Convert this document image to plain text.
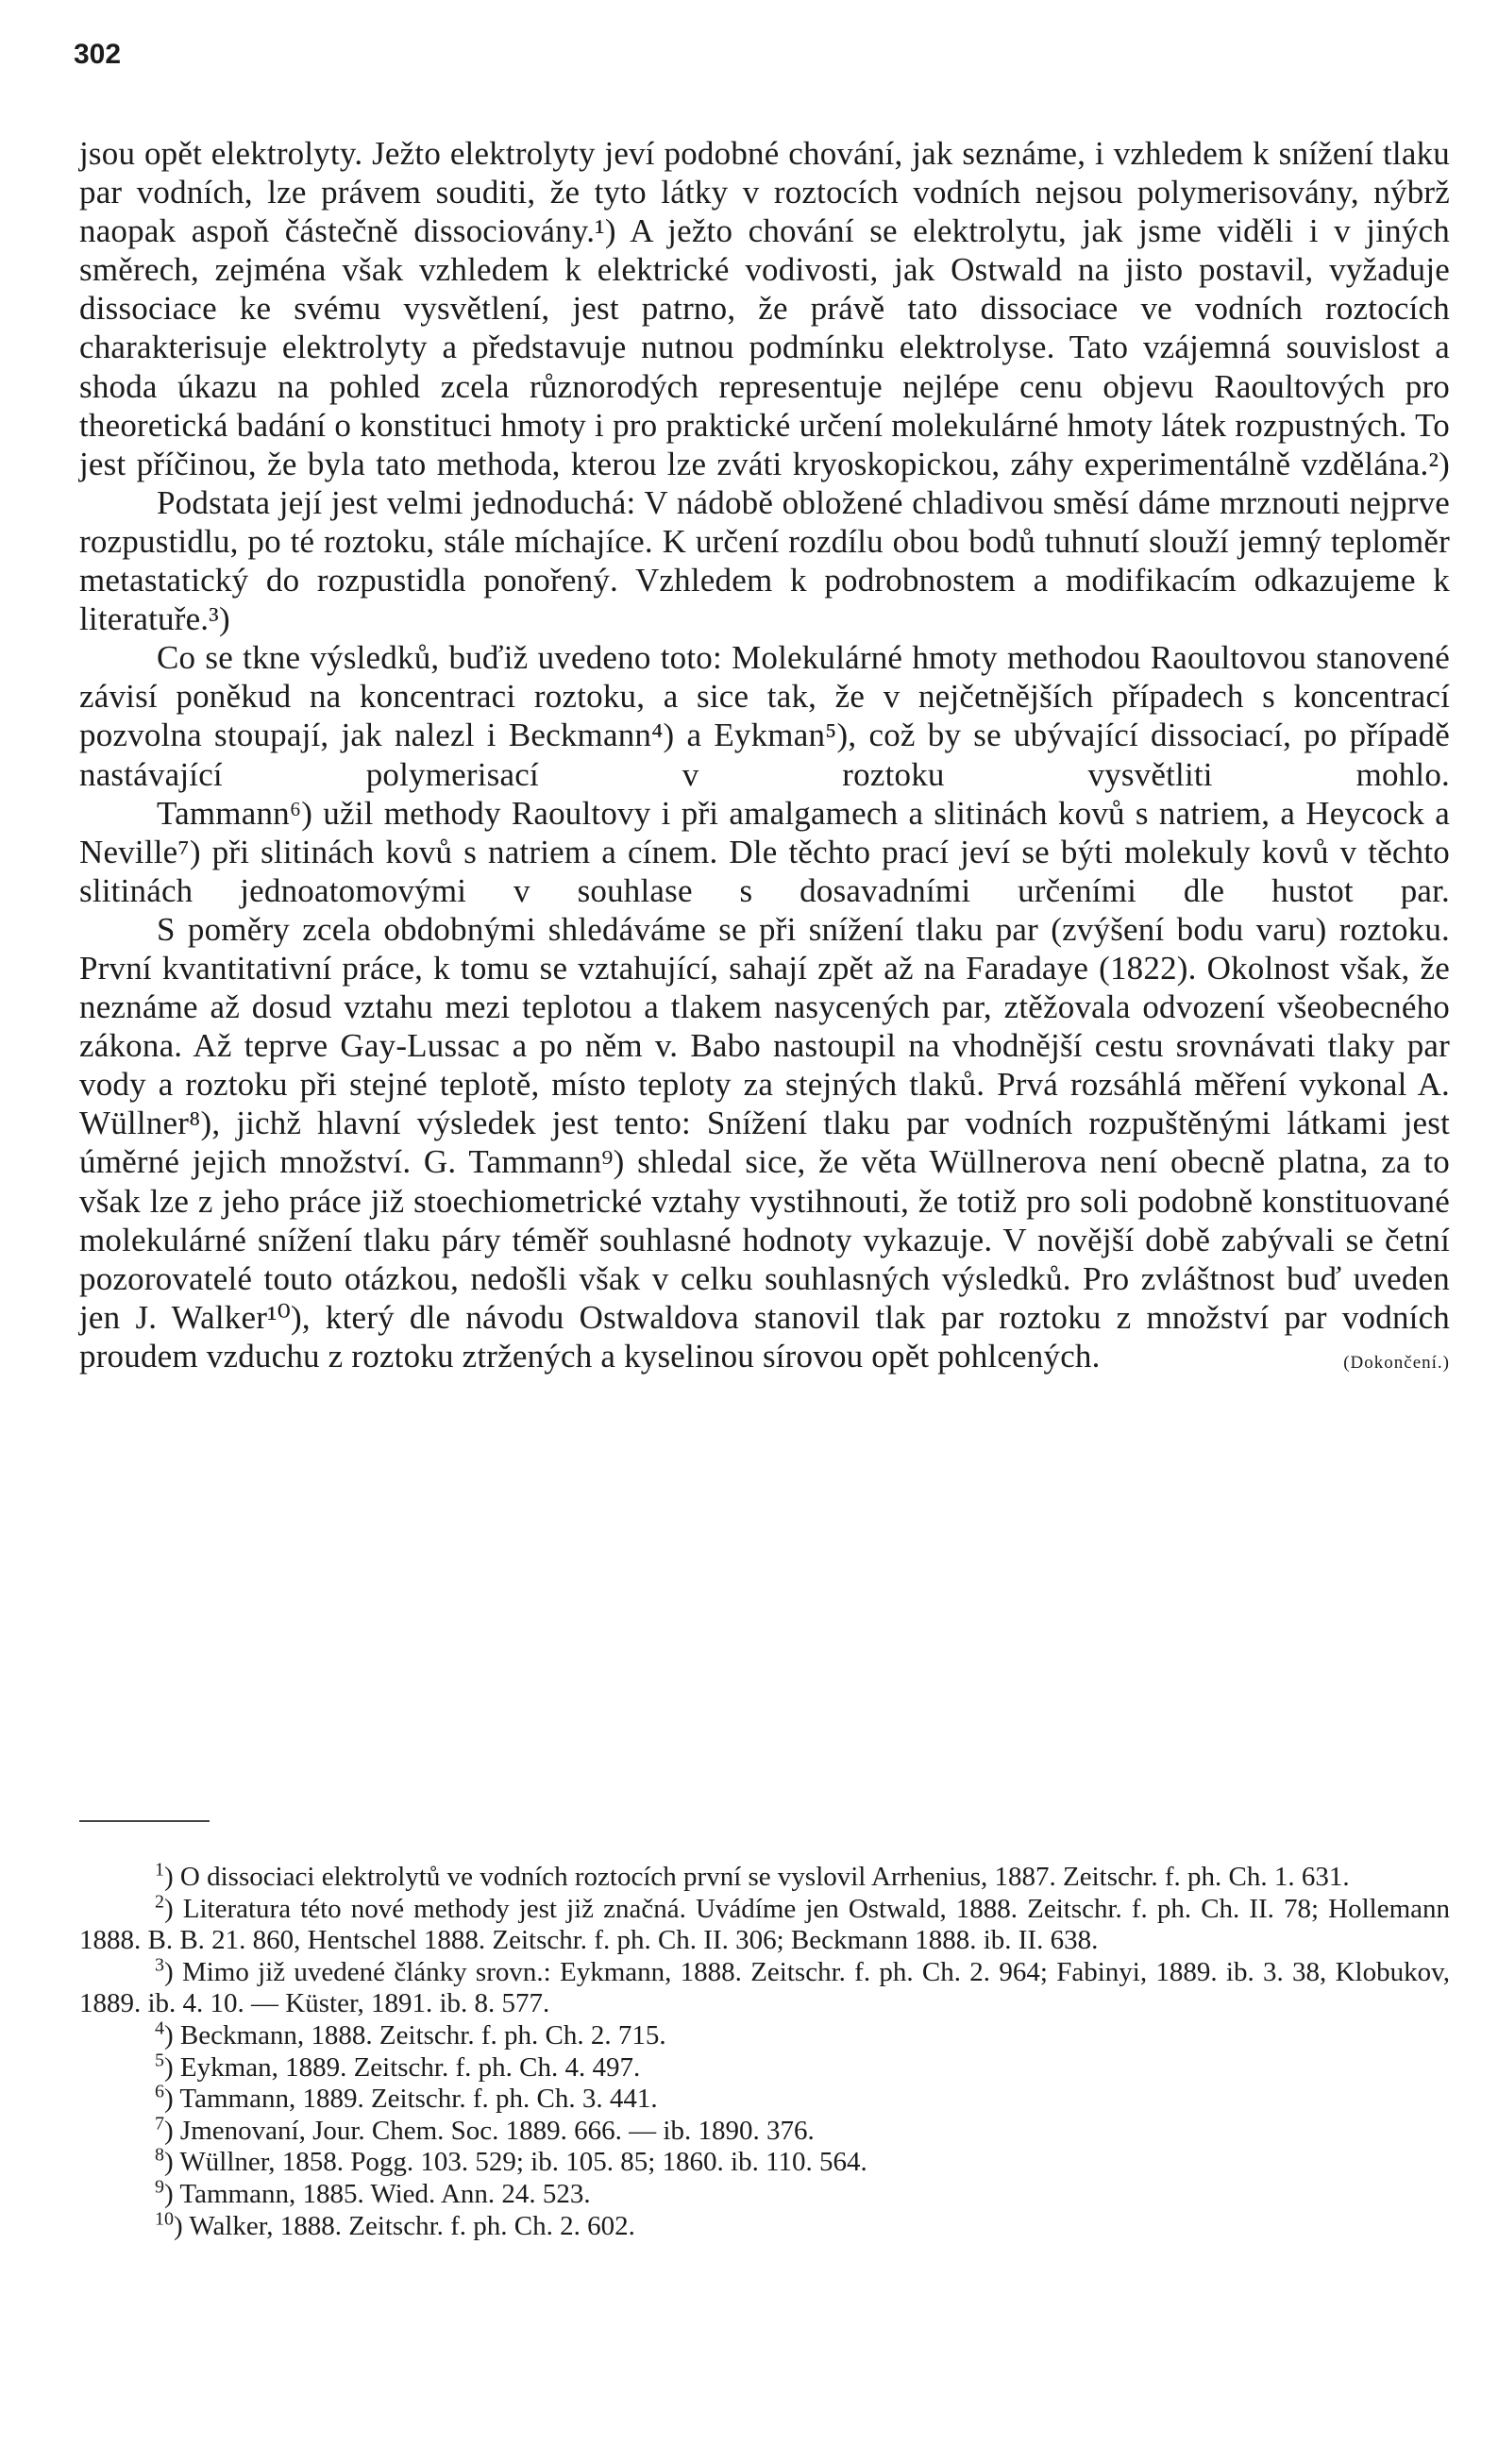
302

jsou opět elektrolyty. Ježto elektrolyty jeví podobné chování, jak seznáme, i vzhledem k snížení tlaku par vodních, lze právem souditi, že tyto látky v roztocích vodních nejsou polymerisovány, nýbrž naopak aspoň částečně dissociovány.¹) A ježto chování se elektrolytu, jak jsme viděli i v jiných směrech, zejména však vzhledem k elektrické vodivosti, jak Ostwald na jisto postavil, vyžaduje dissociace ke svému vysvětlení, jest patrno, že právě tato dissociace ve vodních roztocích charakterisuje elektrolyty a představuje nutnou podmínku elektrolyse. Tato vzájemná souvislost a shoda úkazu na pohled zcela různorodých representuje nejlépe cenu objevu Raoultových pro theoretická badání o konstituci hmoty i pro praktické určení molekulárné hmoty látek rozpustných. To jest příčinou, že byla tato methoda, kterou lze zváti kryoskopickou, záhy experimentálně vzdělána.²)

Podstata její jest velmi jednoduchá: V nádobě obložené chladivou směsí dáme mrznouti nejprve rozpustidlu, po té roztoku, stále míchajíce. K určení rozdílu obou bodů tuhnutí slouží jemný teploměr metastatický do rozpustidla ponořený. Vzhledem k podrobnostem a modifikacím odkazujeme k literatuře.³)

Co se tkne výsledků, buďiž uvedeno toto: Molekulárné hmoty methodou Raoultovou stanovené závisí poněkud na koncentraci roztoku, a sice tak, že v nejčetnějších případech s koncentrací pozvolna stoupají, jak nalezl i Beckmann⁴) a Eykman⁵), což by se ubývající dissociací, po případě nastávající polymerisací v roztoku vysvětliti mohlo.

Tammann⁶) užil methody Raoultovy i při amalgamech a slitinách kovů s natriem, a Heycock a Neville⁷) při slitinách kovů s natriem a cínem. Dle těchto prací jeví se býti molekuly kovů v těchto slitinách jednoatomovými v souhlase s dosavadními určeními dle hustot par.

S poměry zcela obdobnými shledáváme se při snížení tlaku par (zvýšení bodu varu) roztoku. První kvantitativní práce, k tomu se vztahující, sahají zpět až na Faradaye (1822). Okolnost však, že neznáme až dosud vztahu mezi teplotou a tlakem nasycených par, ztěžovala odvození všeobecného zákona. Až teprve Gay-Lussac a po něm v. Babo nastoupil na vhodnější cestu srovnávati tlaky par vody a roztoku při stejné teplotě, místo teploty za stejných tlaků. Prvá rozsáhlá měření vykonal A. Wüllner⁸), jichž hlavní výsledek jest tento: Snížení tlaku par vodních rozpuštěnými látkami jest úměrné jejich množství. G. Tammann⁹) shledal sice, že věta Wüllnerova není obecně platna, za to však lze z jeho práce již stoechiometrické vztahy vystihnouti, že totiž pro soli podobně konstituované molekulárné snížení tlaku páry téměř souhlasné hodnoty vykazuje. V novější době zabývali se četní pozorovatelé touto otázkou, nedošli však v celku souhlasných výsledků. Pro zvláštnost buď uveden jen J. Walker¹⁰), který dle návodu Ostwaldova stanovil tlak par roztoku z množství par vodních proudem vzduchu z roztoku ztržených a kyselinou sírovou opět pohlcených.	(Dokončení.)

$^1$) O dissociaci elektrolytů ve vodních roztocích první se vyslovil Arrhenius, 1887. Zeitschr. f. ph. Ch. 1. 631.

$^2$) Literatura této nové methody jest již značná. Uvádíme jen Ostwald, 1888. Zeitschr. f. ph. Ch. II. 78; Hollemann 1888. B. B. 21. 860, Hentschel 1888. Zeitschr. f. ph. Ch. II. 306; Beckmann 1888. ib. II. 638.

$^3$) Mimo již uvedené články srovn.: Eykmann, 1888. Zeitschr. f. ph. Ch. 2. 964; Fabinyi, 1889. ib. 3. 38, Klobukov, 1889. ib. 4. 10. — Küster, 1891. ib. 8. 577.

$^4$) Beckmann, 1888. Zeitschr. f. ph. Ch. 2. 715.

$^5$) Eykman, 1889. Zeitschr. f. ph. Ch. 4. 497.

$^6$) Tammann, 1889. Zeitschr. f. ph. Ch. 3. 441.

$^7$) Jmenovaní, Jour. Chem. Soc. 1889. 666. — ib. 1890. 376.

$^8$) Wüllner, 1858. Pogg. 103. 529; ib. 105. 85; 1860. ib. 110. 564.

$^9$) Tammann, 1885. Wied. Ann. 24. 523.

$^{10}$) Walker, 1888. Zeitschr. f. ph. Ch. 2. 602.
